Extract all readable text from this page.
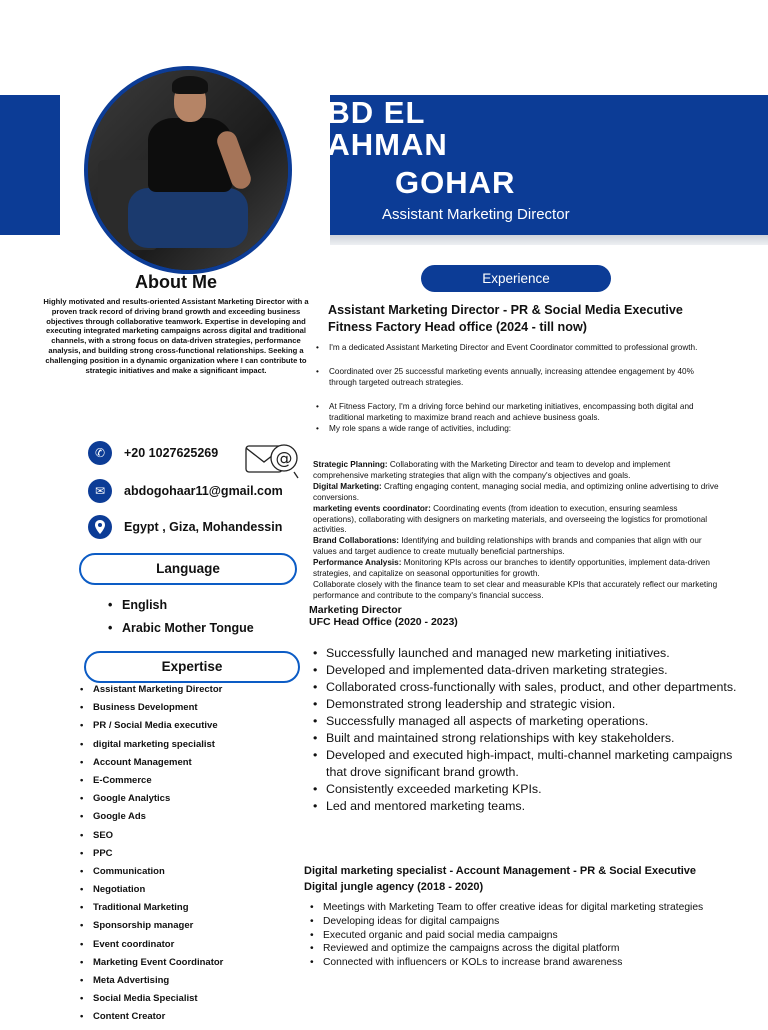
ABD EL
RAHMAN
GOHAR
Assistant Marketing Director
About Me
Highly motivated and results-oriented Assistant Marketing Director with a proven track record of driving brand growth and exceeding business objectives through collaborative teamwork. Expertise in developing and executing integrated marketing campaigns across digital and traditional channels, with a strong focus on data-driven strategies, performance analysis, and building strong cross-functional relationships. Seeking a challenging position in a dynamic organization where I can contribute to strategic initiatives and make a significant impact.
@
✆	+20 1027625269
✉	abdogohaar11@gmail.com
Egypt , Giza, Mohandessin
Language
• English
• Arabic Mother Tongue
Expertise
• Assistant Marketing Director
• Business Development
• PR / Social Media executive
• digital marketing specialist
• Account Management
• E-Commerce
• Google Analytics
• Google Ads
• SEO
• PPC
• Communication
• Negotiation
• Traditional Marketing
• Sponsorship manager
• Event coordinator
• Marketing Event Coordinator
• Meta Advertising
• Social Media Specialist
• Content Creator
Experience
Assistant Marketing Director - PR & Social Media Executive
Fitness Factory Head office (2024 - till now)
• I'm a dedicated Assistant Marketing Director and Event Coordinator committed to professional growth.
• Coordinated over 25 successful marketing events annually, increasing attendee engagement by 40% through targeted outreach strategies.
• At Fitness Factory, I'm a driving force behind our marketing initiatives, encompassing both digital and traditional marketing to maximize brand reach and achieve business goals.
• My role spans a wide range of activities, including:

Strategic Planning: Collaborating with the Marketing Director and team to develop and implement comprehensive marketing strategies that align with the company's objectives and goals.

Digital Marketing: Crafting engaging content, managing social media, and optimizing online advertising to drive conversions.

marketing events coordinator: Coordinating events (from ideation to execution, ensuring seamless operations), collaborating with designers on marketing materials, and overseeing the logistics for promotional activities.

Brand Collaborations: Identifying and building relationships with brands and companies that align with our values and target audience to create mutually beneficial partnerships.

Performance Analysis: Monitoring KPIs across our branches to identify opportunities, implement data-driven strategies, and capitalize on seasonal opportunities for growth.

Collaborate closely with the finance team to set clear and measurable KPIs that accurately reflect our marketing performance and contribute to the company's financial success.

Marketing Director
UFC Head Office (2020 - 2023)
• Successfully launched and managed new marketing initiatives.
• Developed and implemented data-driven marketing strategies.
• Collaborated cross-functionally with sales, product, and other departments.
• Demonstrated strong leadership and strategic vision.
• Successfully managed all aspects of marketing operations.
• Built and maintained strong relationships with key stakeholders.
• Developed and executed high-impact, multi-channel marketing campaigns that drove significant brand growth.
• Consistently exceeded marketing KPIs.
• Led and mentored marketing teams.
Digital marketing specialist - Account Management - PR & Social Executive
Digital jungle agency (2018 - 2020)
• Meetings with Marketing Team to offer creative ideas for digital marketing strategies
• Developing ideas for digital campaigns
• Executed organic and paid social media campaigns
• Reviewed and optimize the campaigns across the digital platform
• Connected with influencers or KOLs to increase brand awareness
